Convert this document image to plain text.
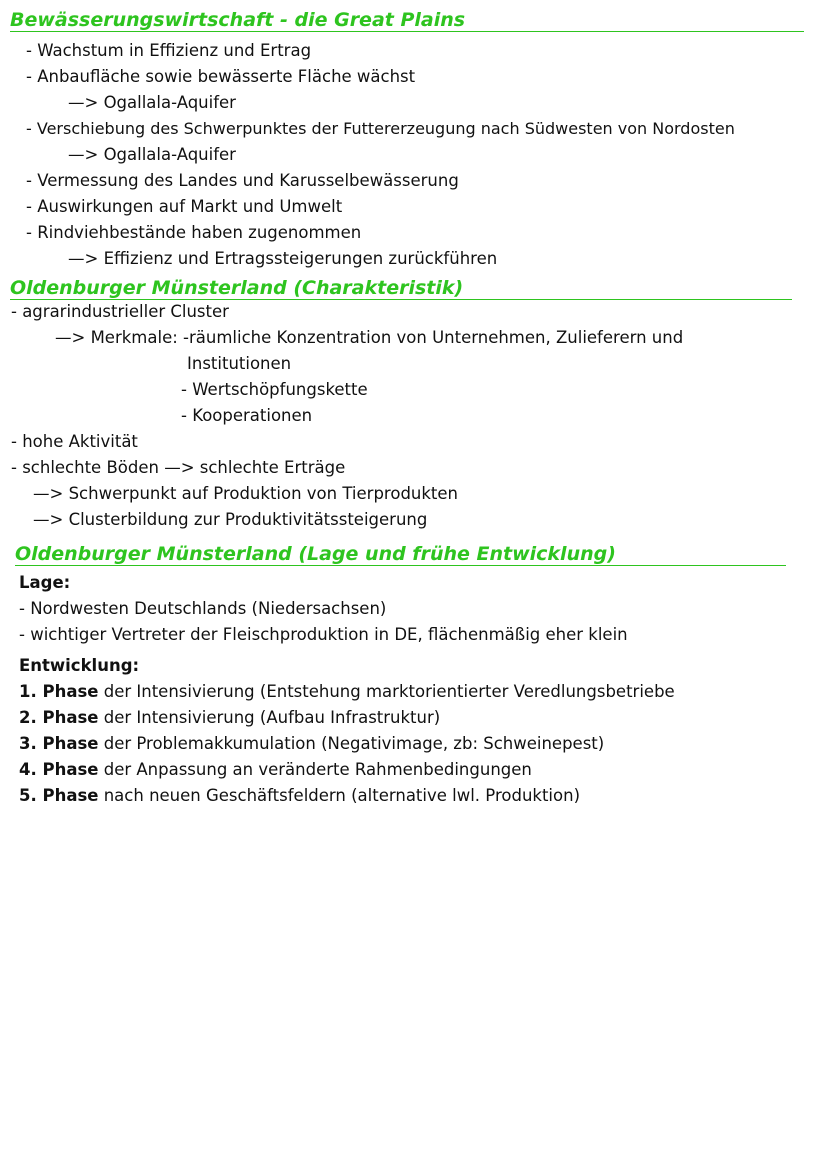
Bewässerungswirtschaft - die Great Plains

- Wachstum in Effizienz und Ertrag

- Anbaufläche sowie bewässerte Fläche wächst

—> Ogallala-Aquifer

- Verschiebung des Schwerpunktes der Futtererzeugung nach Südwesten von Nordosten

—> Ogallala-Aquifer

- Vermessung des Landes und Karusselbewässerung

- Auswirkungen auf Markt und Umwelt

- Rindviehbestände haben zugenommen

—> Effizienz und Ertragssteigerungen zurückführen

Oldenburger Münsterland (Charakteristik)

- agrarindustrieller Cluster

—> Merkmale: -räumliche Konzentration von Unternehmen, Zulieferern und

Institutionen

- Wertschöpfungskette

- Kooperationen

- hohe Aktivität

- schlechte Böden —> schlechte Erträge

—> Schwerpunkt auf Produktion von Tierprodukten

—> Clusterbildung zur Produktivitätssteigerung

Oldenburger Münsterland (Lage und frühe Entwicklung)

Lage:

- Nordwesten Deutschlands (Niedersachsen)

- wichtiger Vertreter der Fleischproduktion in DE, flächenmäßig eher klein

Entwicklung:

1. Phase der Intensivierung (Entstehung marktorientierter Veredlungsbetriebe

2. Phase der Intensivierung (Aufbau Infrastruktur)

3. Phase der Problemakkumulation (Negativimage, zb: Schweinepest)

4. Phase der Anpassung an veränderte Rahmenbedingungen

5. Phase nach neuen Geschäftsfeldern (alternative lwl. Produktion)
